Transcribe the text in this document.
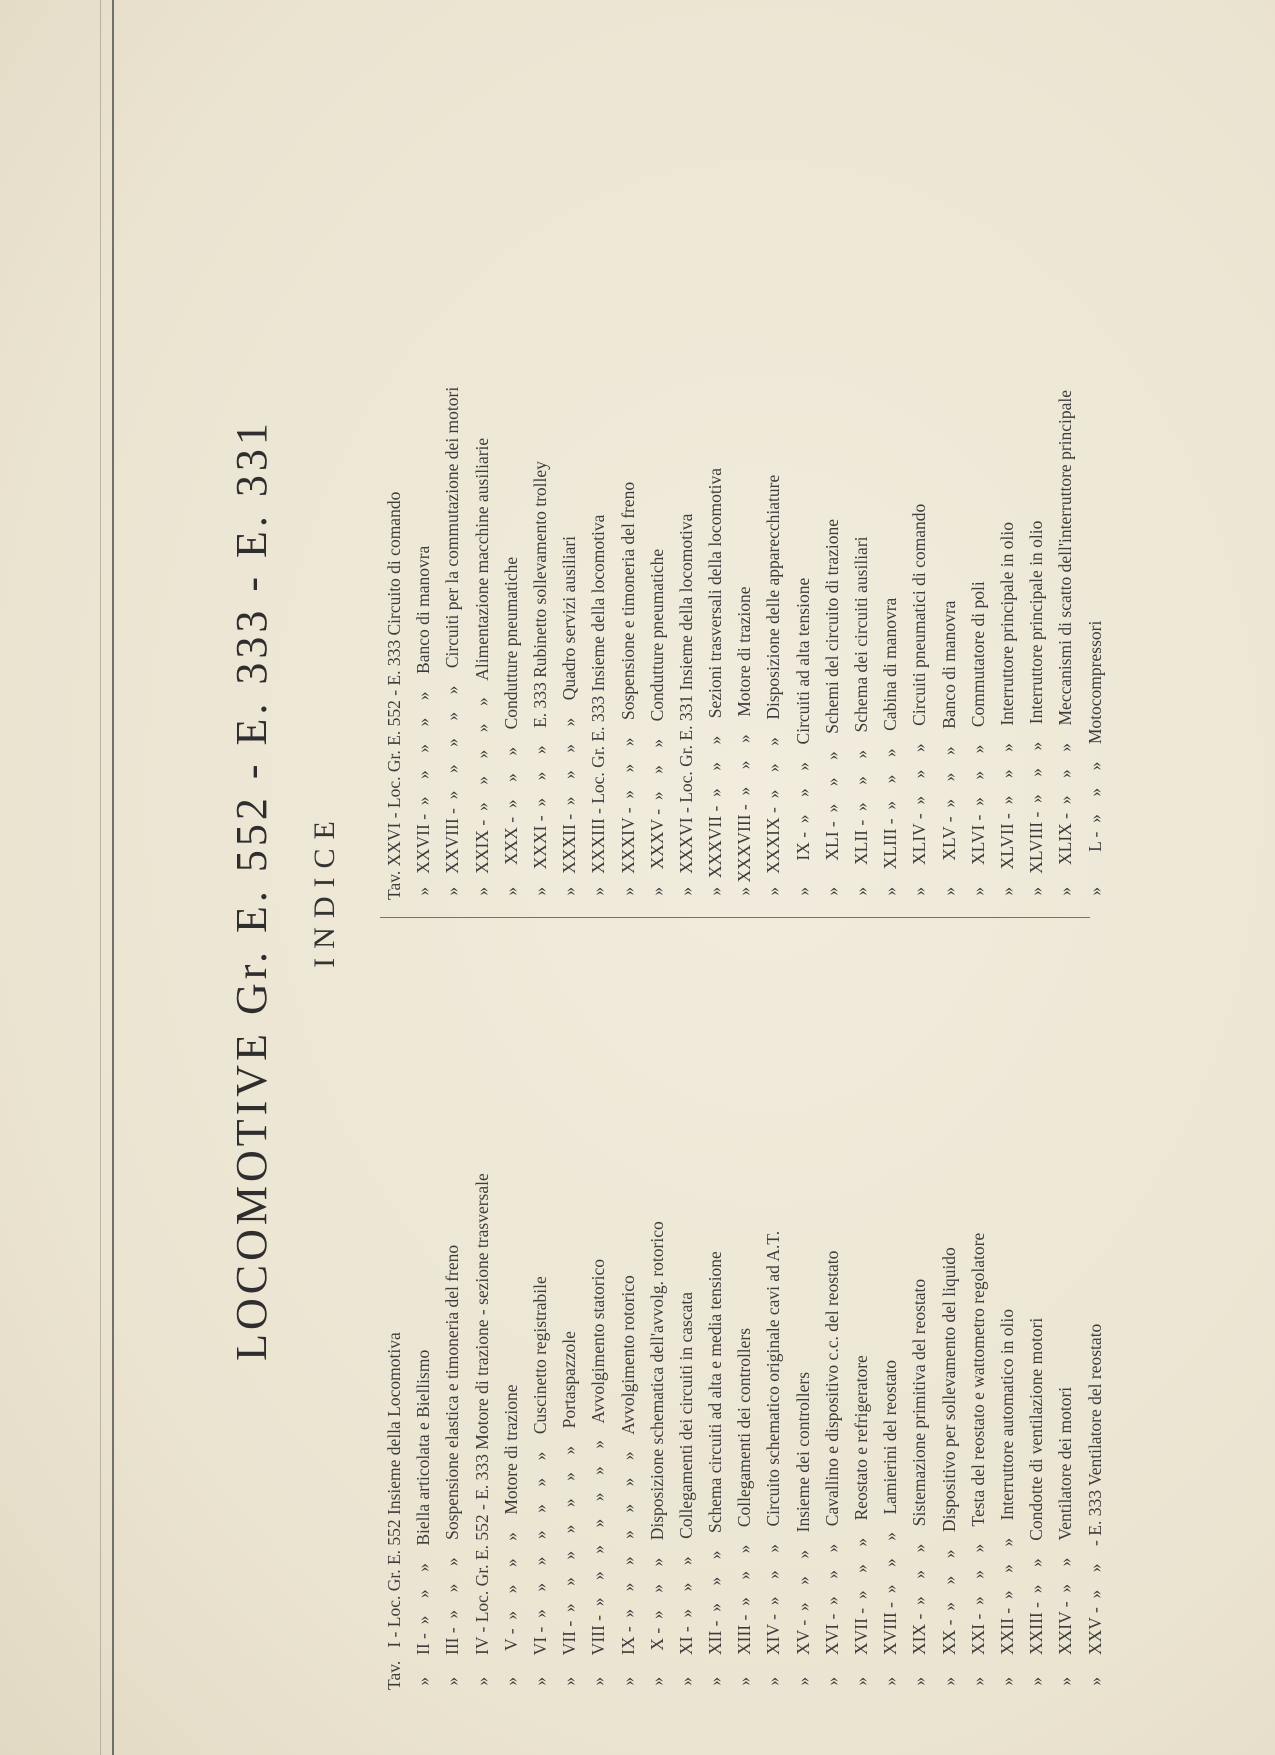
LOCOMOTIVE Gr. E. 552 - E. 333 - E. 331 INDICE
Tav.   I - Loc. Gr. E. 552 Insieme della Locomotiva »     II -  »    »    »    Biella articolata e Biellismo »     III -  »    »    »    Sospensione elastica e timoneria del freno »     IV - Loc. Gr. E. 552 - E. 333 Motore di trazione - sezione trasversale »      V -  »    »    »    »    Motore di trazione »     VI -  »    »    »    »    »    »    »    Cuscinetto registrabile »     VII -  »    »    »    »    »    »    »    Portaspazzole »     VIII -  »    »    »    »    »    »    »    Avvolgimento statorico »     IX -  »    »    »    »    »    »    »    Avvolgimento rotorico »      X -  »    »    »    Disposizione schematica dell'avvolg. rotorico »     XI -  »    »    »    Collegamenti dei circuiti in cascata »     XII -  »    »    »    Schema circuiti ad alta e media tensione »     XIII -  »    »    »    Collegamenti dei controllers »     XIV -  »    »    »    Circuito schematico originale cavi ad A.T. »     XV -  »    »    »    Insieme dei controllers »     XVI -  »    »    »    Cavallino e dispositivo c.c. del reostato »     XVII -  »    »    »    Reostato e refrigeratore »     XVIII -  »    »    »    Lamierini del reostato »     XIX -  »    »    »    Sistemazione primitiva del reostato »     XX -  »    »    »    Dispositivo per sollevamento del liquido »     XXI -  »    »    »    Testa del reostato e wattometro regolatore »     XXII -  »    »    »    Interruttore automatico in olio »     XXIII -  »    »    Condotte di ventilazione motori »     XXIV -  »    »    Ventilatore dei motori »     XXV -  »    »    - E. 333 Ventilatore del reostato
Tav. XXVI - Loc. Gr. E. 552 - E. 333 Circuito di comando »   XXVII -  »    »    »    »    »    Banco di manovra »   XXVIII -  »    »    »    »    »    Circuiti per la commutazione dei motori »   XXIX -  »    »    »    »    »    Alimentazione macchine ausiliarie »     XXX -  »    »    »    Condutture pneumatiche »    XXXI -  »    »    »    E. 333 Rubinetto sollevamento trolley »   XXXII -  »    »    »    »    Quadro servizi ausiliari »   XXXIII - Loc. Gr. E. 333 Insieme della locomotiva »   XXXIV -  »    »    »    Sospensione e timoneria del freno »    XXXV -  »    »    »    Condutture pneumatiche »   XXXVI - Loc. Gr. E. 331 Insieme della locomotiva »  XXXVII -  »    »    »    Sezioni trasversali della locomotiva » XXXVIII -  »    »    »    Motore di trazione »   XXXIX -  »    »    »    Disposizione delle apparecchiature »      IX -  »    »    »    Circuiti ad alta tensione »      XLI -  »    »    »    Schemi del circuito di trazione »     XLII -  »    »    »    Schema dei circuiti ausiliari »    XLIII -  »    »    »    Cabina di manovra »     XLIV -  »    »    »    Circuiti pneumatici di comando »      XLV -  »    »    »    Banco di manovra »     XLVI -  »    »    »    Commutatore di poli »    XLVII -  »    »    »    Interruttore principale in olio »   XLVIII -  »    »    »    Interruttore principale in olio »     XLIX -  »    »    »    Meccanismi di scatto dell'interruttore principale »        L -  »    »    »    Motocompressori
